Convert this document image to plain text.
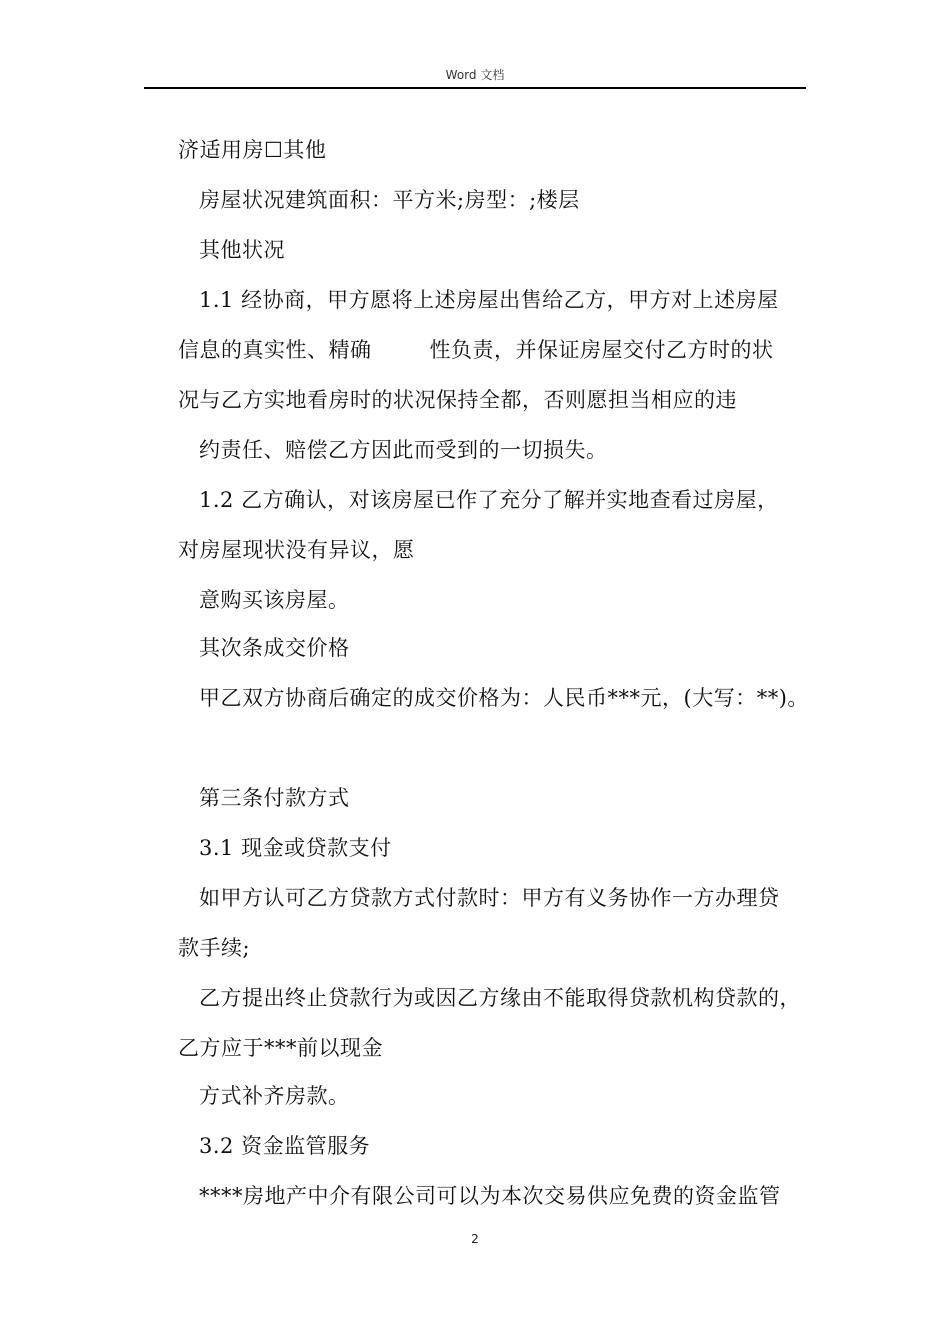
Word 文档
济适用房☐其他
房屋状况建筑面积：平方米;房型：;楼层
其他状况
1.1 经协商，甲方愿将上述房屋出售给乙方，甲方对上述房屋
信息的真实性、精确	性负责，并保证房屋交付乙方时的状
况与乙方实地看房时的状况保持全都，否则愿担当相应的违
约责任、赔偿乙方因此而受到的一切损失。
1.2 乙方确认，对该房屋已作了充分了解并实地查看过房屋，
对房屋现状没有异议，愿
意购买该房屋。
其次条成交价格
甲乙双方协商后确定的成交价格为：人民币***元，(大写：**)。
第三条付款方式
3.1 现金或贷款支付
如甲方认可乙方贷款方式付款时：甲方有义务协作一方办理贷
款手续;
乙方提出终止贷款行为或因乙方缘由不能取得贷款机构贷款的，
乙方应于***前以现金
方式补齐房款。
3.2 资金监管服务
****房地产中介有限公司可以为本次交易供应免费的资金监管
2
